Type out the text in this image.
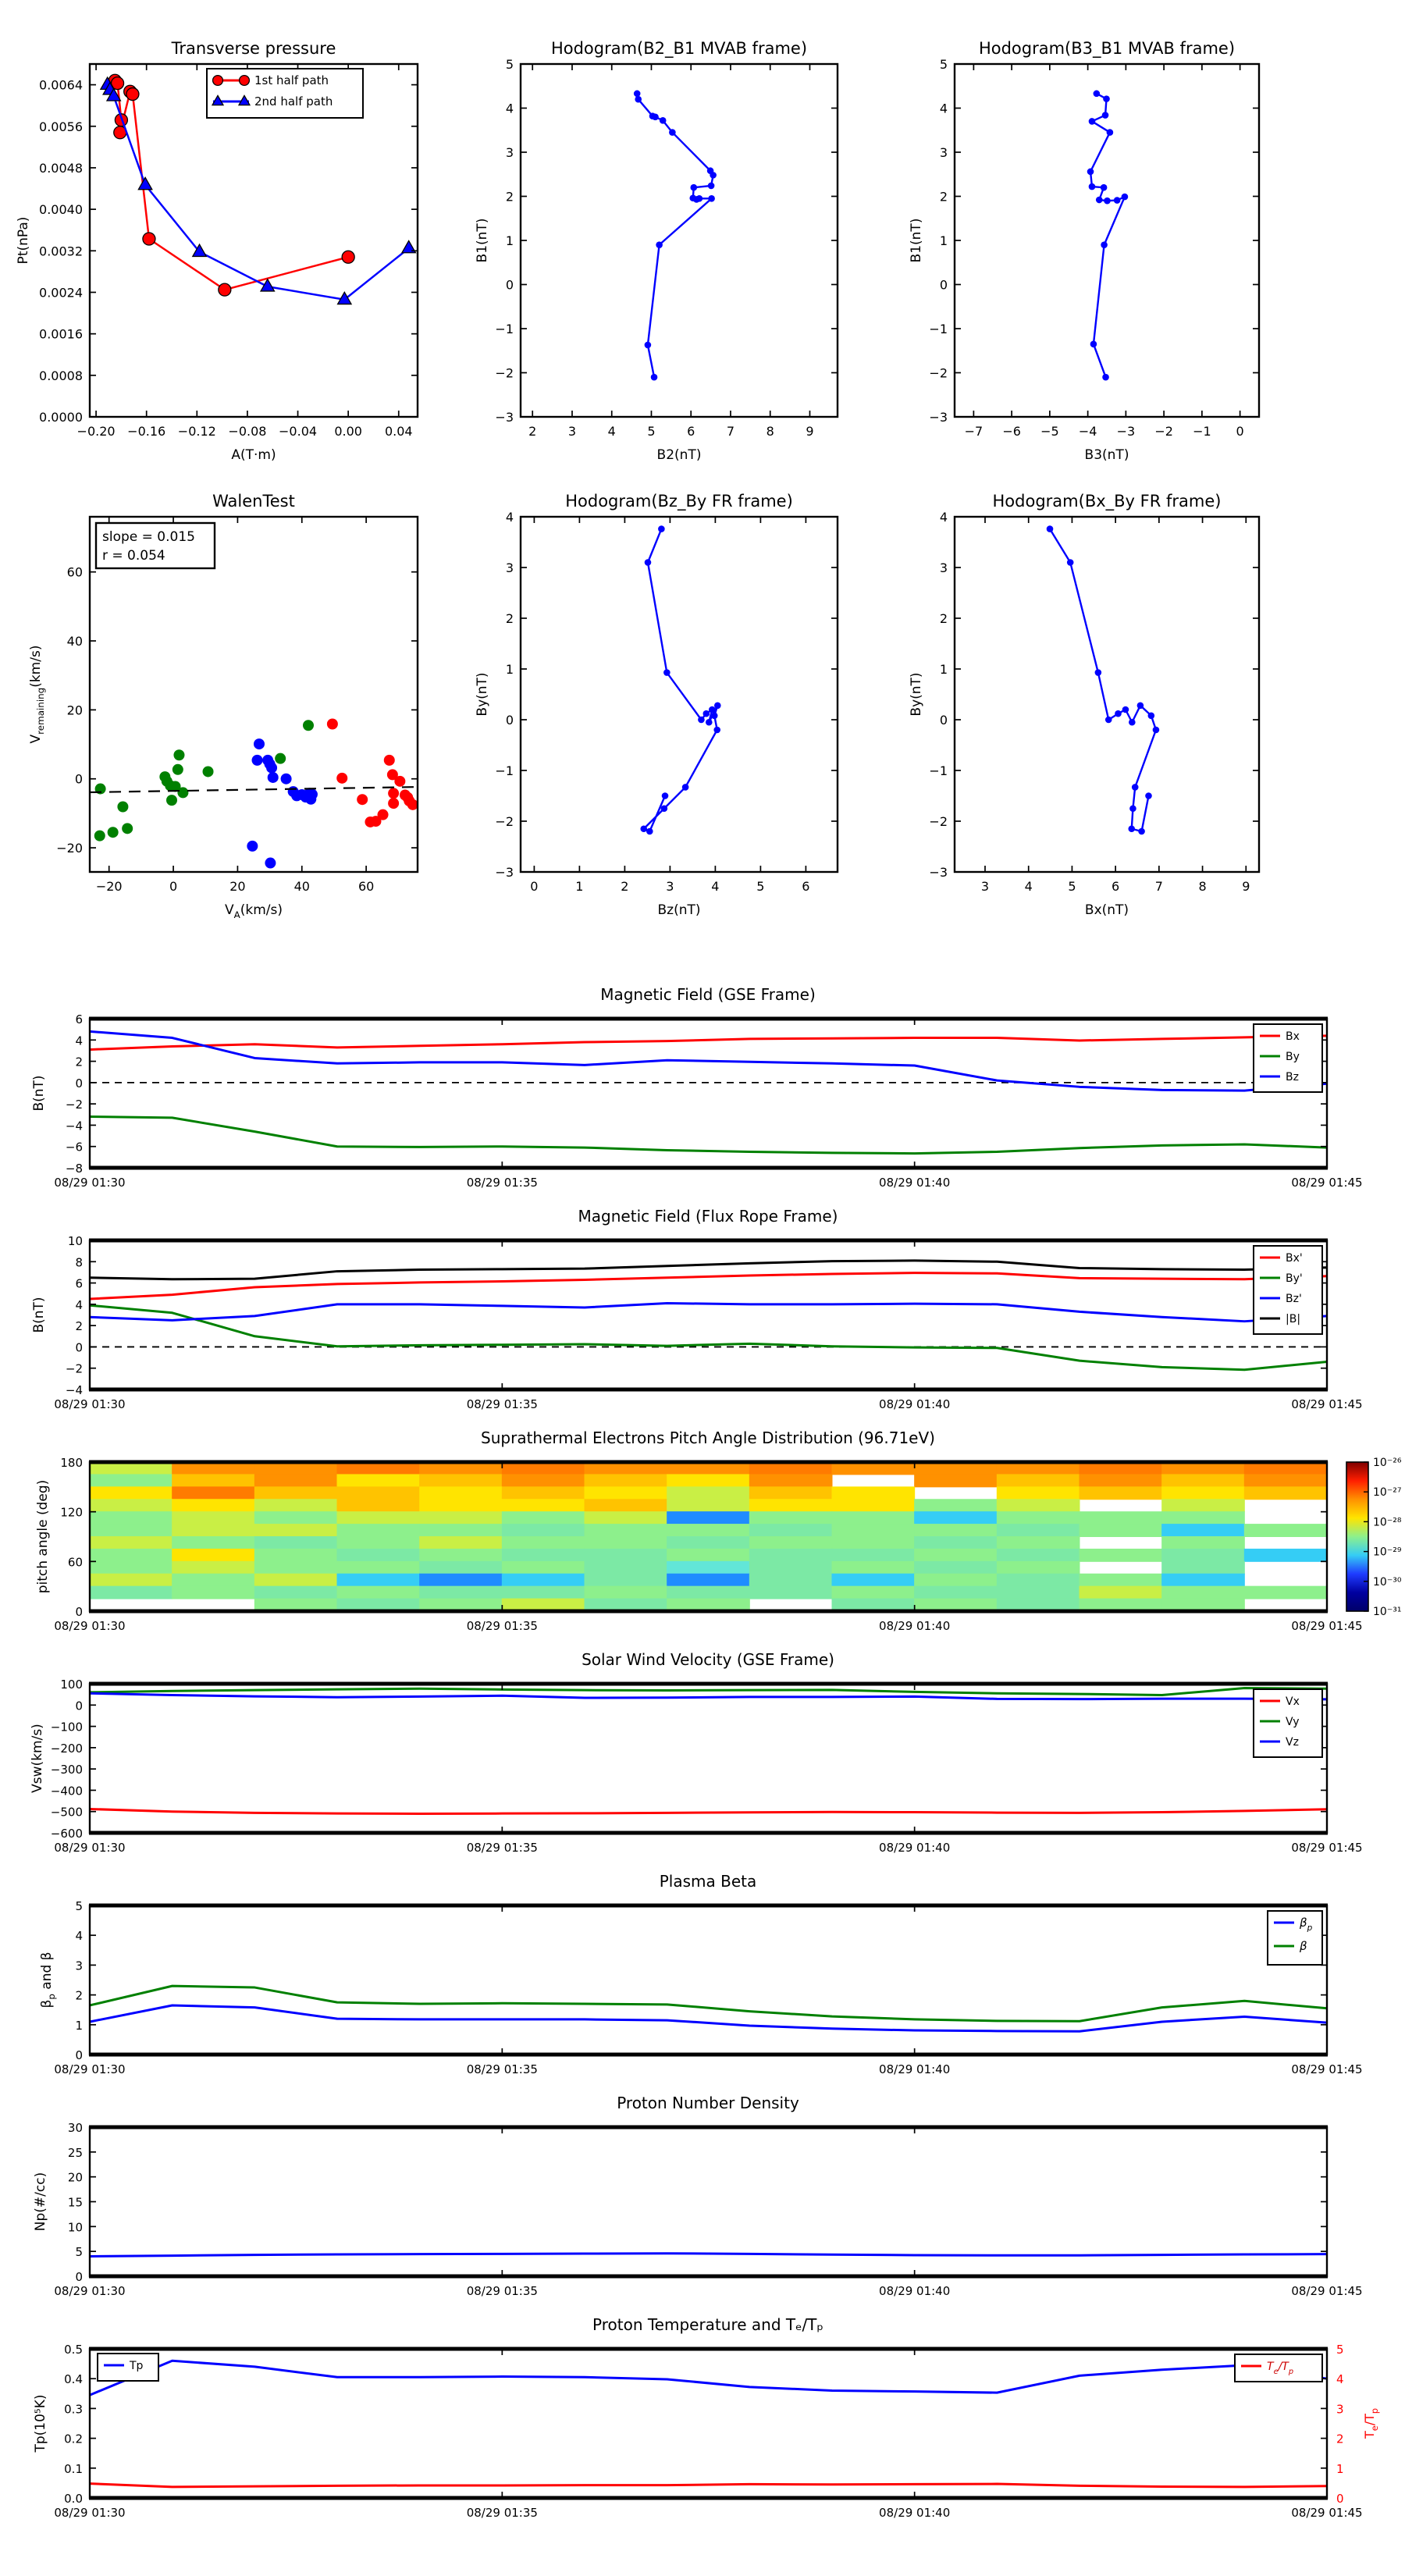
Transverse pressure	Hodogram(B2_B1 MVAB frame)	Hodogram(B3_B1 MVAB frame)
WalenTest	Hodogram(Bz_By FR frame)	Hodogram(Bx_By FR frame)
Magnetic Field (GSE Frame)
Magnetic Field (Flux Rope Frame)
Suprathermal Electrons Pitch Angle Distribution (96.71eV)
Solar Wind Velocity (GSE Frame)
Plasma Beta
Proton Number Density
Proton Temperature and Tₑ/Tₚ
−0.20 −0.16 −0.12 −0.08 −0.04 0.00 0.04
0.0000
0.0008
0.0016
0.0024
0.0032
0.0040
0.0048
0.0056
0.0064
A(T·m)
Pt(nPa)
1st half path
2nd half path
2	3	4	5	6	7	8	9
−3
−2
−1
0
1
2
3
4
5
B2(nT)
B1(nT)
−7 −6 −5 −4 −3 −2 −1 0
−3
−2
−1
0
1
2
3
4
5
B3(nT)
B1(nT)
−20	0	20	40	60
−20
0
20
40
60
$V_A(km/s)$
$V_{remaining}(km/s)$
slope = 0.015
r = 0.054
0	1	2	3	4	5	6
−3
−2
−1
0
1
2
3
4
Bz(nT)
By(nT)
3	4	5	6	7	8	9
−3
−2
−1
0
1
2
3
4
Bx(nT)
By(nT)
08/29 01:30	08/29 01:35	08/29 01:40	08/29 01:45
−8
−6
−4
−2
0
2
4
6
B(nT)
Bx
By
Bz
08/29 01:30	08/29 01:35	08/29 01:40	08/29 01:45
−4
−2
0
2
4
6
8
10
B(nT)
Bx'
By'
Bz'
|B|
08/29 01:30	08/29 01:35	08/29 01:40	08/29 01:45
0
60
120
180
pitch angle (deg)
10⁻²⁶
10⁻²⁷
10⁻²⁸
10⁻²⁹
10⁻³⁰
10⁻³¹
08/29 01:30	08/29 01:35	08/29 01:40	08/29 01:45
−600
−500
−400
−300
−200
−100
0
100
Vsw(km/s)
Vx
Vy
Vz
08/29 01:30	08/29 01:35	08/29 01:40	08/29 01:45
0
1
2
3
4
5
$\beta_p$ and β
$\beta_p$
β
08/29 01:30	08/29 01:35	08/29 01:40	08/29 01:45
0
5
10
15
20
25
30
Np(#/cc)
08/29 01:30	08/29 01:35	08/29 01:40	08/29 01:45
0.0
0.1
0.2
0.3
0.4
0.5
0
1
2
3
4
5
$T_e/T_p$
Tp(10⁵K)
Tp	$T_e/T_p$
